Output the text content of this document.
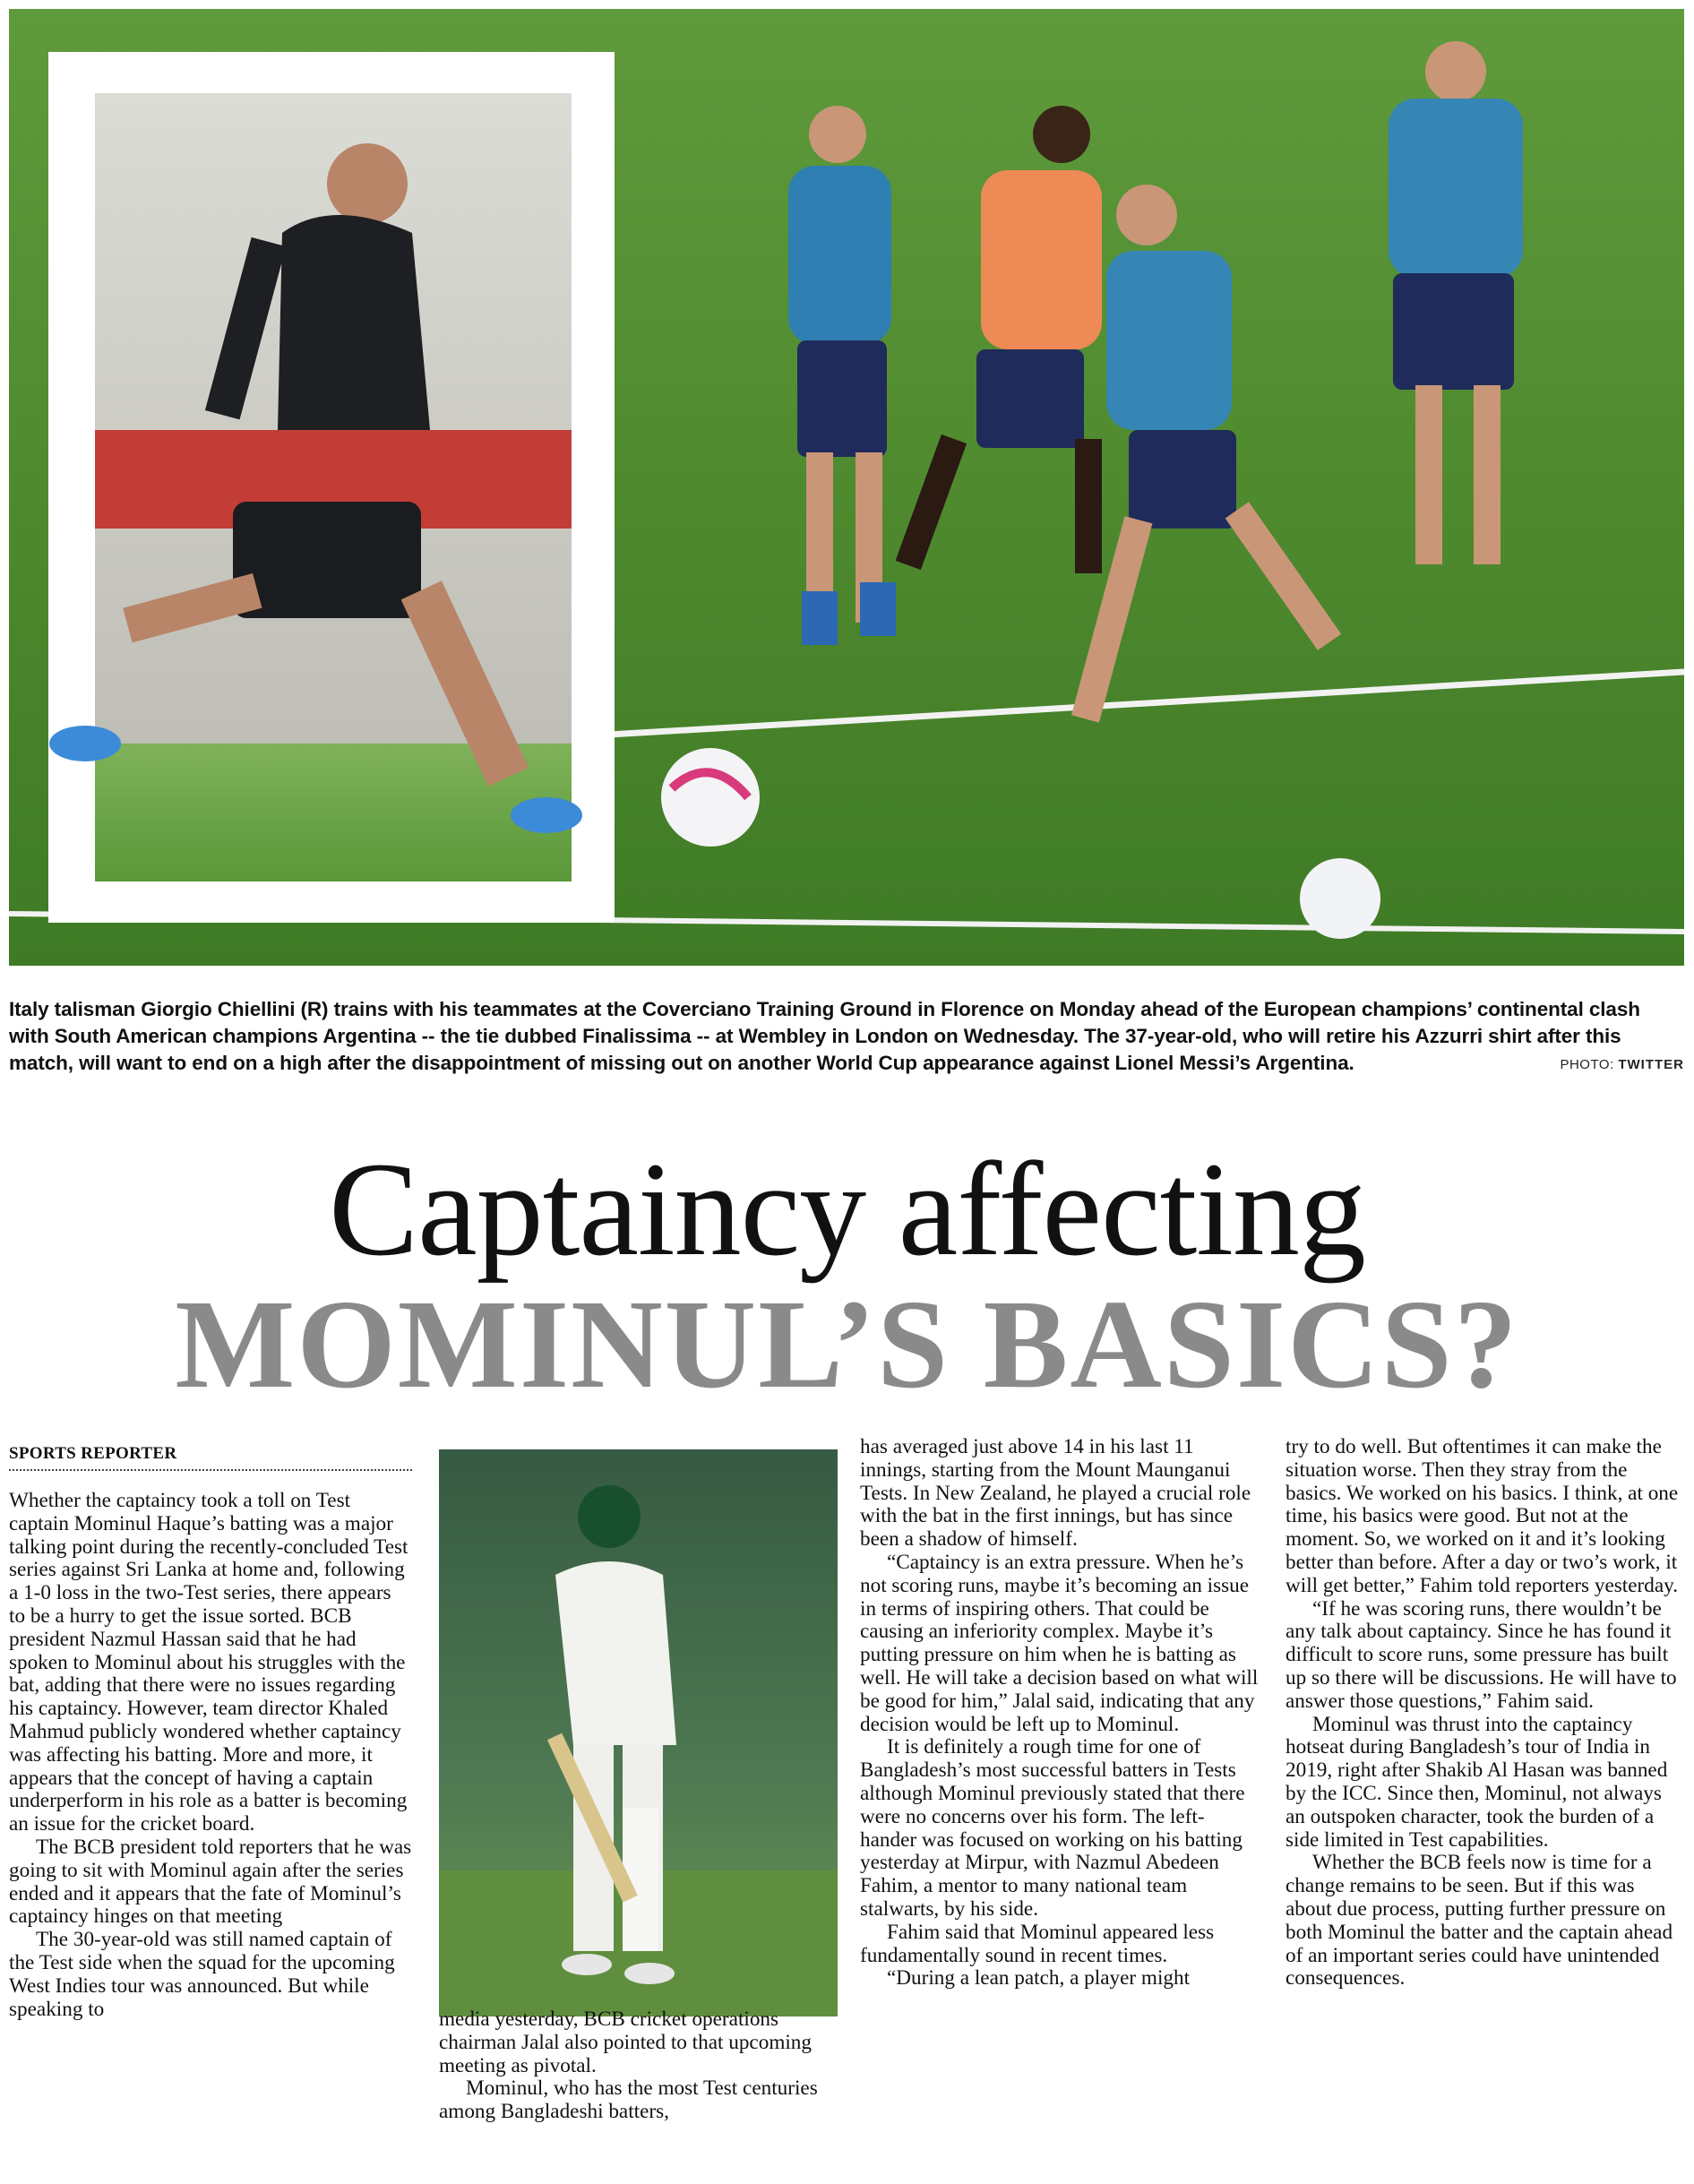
Italy talisman Giorgio Chiellini (R) trains with his teammates at the Coverciano Training Ground in Florence on Monday ahead of the European champions’ continental clash with South American champions Argentina -- the tie dubbed Finalissima -- at Wembley in London on Wednesday. The 37-year-old, who will retire his Azzurri shirt after this match, will want to end on a high after the disappointment of missing out on another World Cup appearance against Lionel Messi’s Argentina.	PHOTO: TWITTER
Captaincy affecting
MOMINUL’S BASICS?
SPORTS REPORTER

Whether the captaincy took a toll on Test captain Mominul Haque’s batting was a major talking point during the recently-concluded Test series against Sri Lanka at home and, following a 1-0 loss in the two-Test series, there appears to be a hurry to get the issue sorted. BCB president Nazmul Hassan said that he had spoken to Mominul about his struggles with the bat, adding that there were no issues regarding his captaincy. However, team director Khaled Mahmud publicly wondered whether captaincy was affecting his batting. More and more, it appears that the concept of having a captain underperform in his role as a batter is becoming an issue for the cricket board.

The BCB president told reporters that he was going to sit with Mominul again after the series ended and it appears that the fate of Mominul’s captaincy hinges on that meeting

The 30-year-old was still named captain of the Test side when the squad for the upcoming West Indies tour was announced. But while speaking to	media yesterday, BCB cricket operations chairman Jalal also pointed to that upcoming meeting as pivotal.

Mominul, who has the most Test centuries among Bangladeshi batters,

has averaged just above 14 in his last 11 innings, starting from the Mount Maunganui Tests. In New Zealand, he played a crucial role with the bat in the first innings, but has since been a shadow of himself.

“Captaincy is an extra pressure. When he’s not scoring runs, maybe it’s becoming an issue in terms of inspiring others. That could be causing an inferiority complex. Maybe it’s putting pressure on him when he is batting as well. He will take a decision based on what will be good for him,” Jalal said, indicating that any decision would be left up to Mominul.

It is definitely a rough time for one of Bangladesh’s most successful batters in Tests although Mominul previously stated that there were no concerns over his form. The left-hander was focused on working on his batting yesterday at Mirpur, with Nazmul Abedeen Fahim, a mentor to many national team stalwarts, by his side.

Fahim said that Mominul appeared less fundamentally sound in recent times.

“During a lean patch, a player might

try to do well. But oftentimes it can make the situation worse. Then they stray from the basics. We worked on his basics. I think, at one time, his basics were good. But not at the moment. So, we worked on it and it’s looking better than before. After a day or two’s work, it will get better,” Fahim told reporters yesterday.

“If he was scoring runs, there wouldn’t be any talk about captaincy. Since he has found it difficult to score runs, some pressure has built up so there will be discussions. He will have to answer those questions,” Fahim said.

Mominul was thrust into the captaincy hotseat during Bangladesh’s tour of India in 2019, right after Shakib Al Hasan was banned by the ICC. Since then, Mominul, not always an outspoken character, took the burden of a side limited in Test capabilities.

Whether the BCB feels now is time for a change remains to be seen. But if this was about due process, putting further pressure on both Mominul the batter and the captain ahead of an important series could have unintended consequences.
